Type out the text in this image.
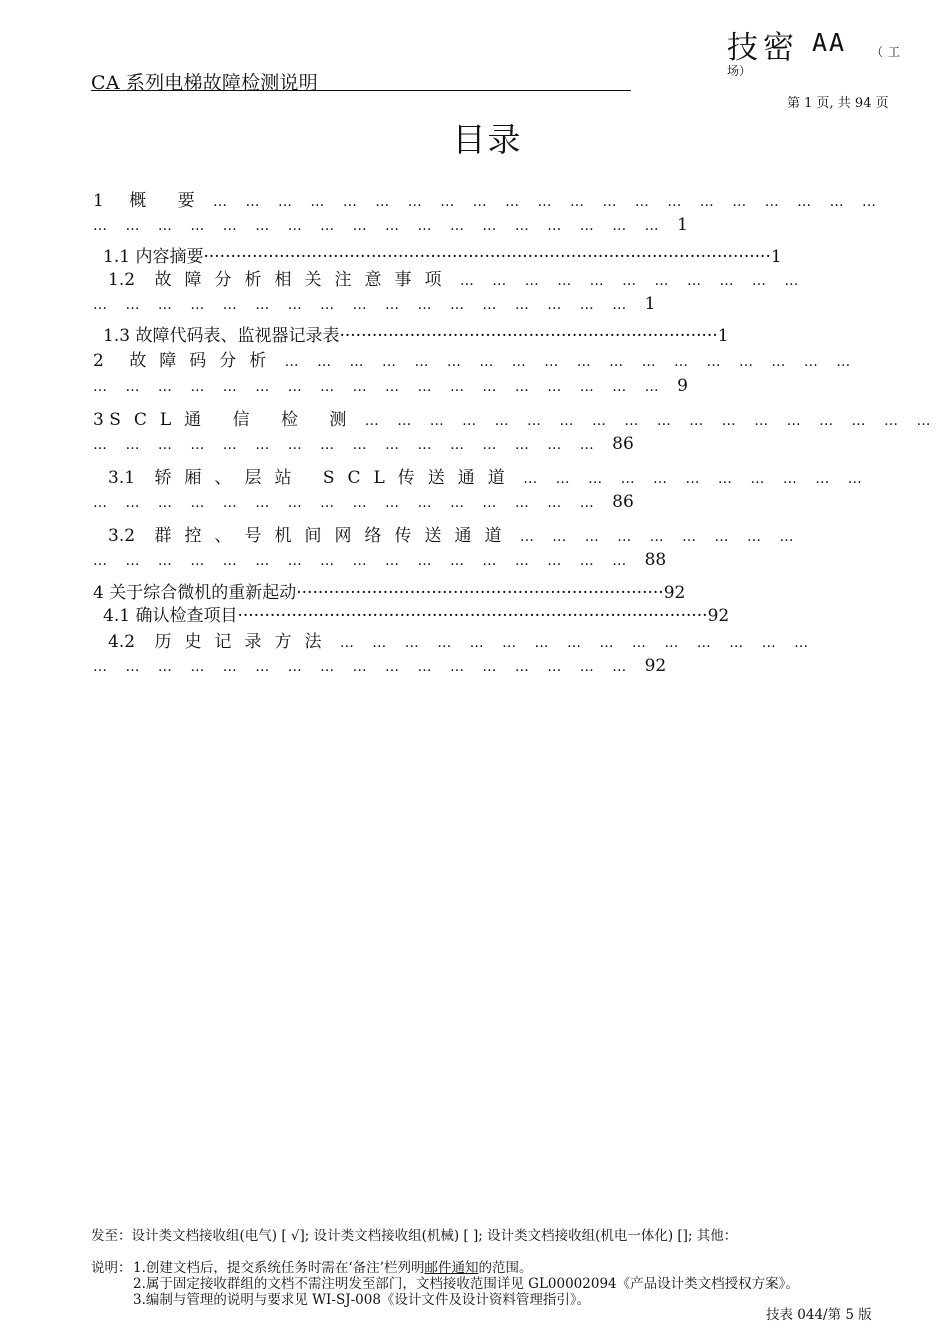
CA 系列电梯故障检测说明
技密 AA （工
场）
第 1 页, 共 94 页
目录
1 概 要 … … … … … … … … … … … … … … … … … … … … …
… … … … … … … … … … … … … … … … … … 1
1.1 内容摘要·········································································································1
1.2 故障分析相关注意事项 … … … … … … … … … … …
… … … … … … … … … … … … … … … … … 1
1.3 故障代码表、监视器记录表······································································1
2 故障码分析 … … … … … … … … … … … … … … … … … …
… … … … … … … … … … … … … … … … … … 9
3 SCL通 信 检 测 … … … … … … … … … … … … … … … … … …
… … … … … … … … … … … … … … … … 86
3.1 轿厢、层站 SCL传送通道 … … … … … … … … … … …
… … … … … … … … … … … … … … … … 86
3.2 群控、号机间网络传送通道 … … … … … … … … …
… … … … … … … … … … … … … … … … … 88
4 关于综合微机的重新起动····································································92
4.1 确认检查项目·······················································································92
4.2 历史记录方法 … … … … … … … … … … … … … … …
… … … … … … … … … … … … … … … … … 92
发至：设计类文档接收组(电气) [ √]; 设计类文档接收组(机械) [ ]; 设计类文档接收组(机电一体化) []; 其他：
说明： 1.创建文档后，提交系统任务时需在‘备注’栏列明邮件通知的范围。
2.属于固定接收群组的文档不需注明发至部门，文档接收范围详见 GL00002094《产品设计类文档授权方案》。
3.编制与管理的说明与要求见 WI-SJ-008《设计文件及设计资料管理指引》。
技表 044/第 5 版
